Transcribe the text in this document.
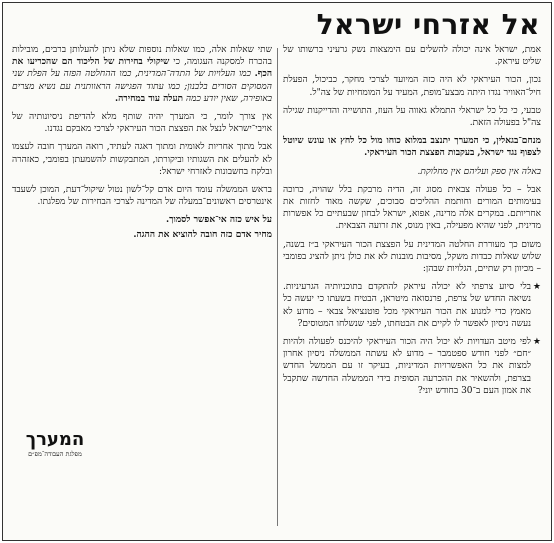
אל אזרחי ישראל

אמת, ישראל אינה יכולה להשלים עם הימצאות נשק גרעיני ברשותו של שליט עיראק.

נכון, הכור העיראקי לא היה כזה המיועד לצרכי מחקר, כביכול, הפעלת חיל־האוויר נגדו היתה מבצע־מופת, המעיד על המומחיות של צה"ל.

טבעי, כי כל כל ישראלי התמלא גאווה על העוז, התושייה והדייקנות שגילה צה"ל בפעולה הזאת.

מנחם־בגאלין, כי המערך יתנצב במלוא כוחו מול כל לחץ או עונש שיוטל לצפוף נגד ישראל, בעקבות הפצצת הכור העיראקי.

באלה אין ספק ועליהם אין מחלוקת.

אבל – כל פעולה צבאית מסוג זה, הדיה מרבקת בלל שהויה, כרוכה בעימותים המורים וחותמת ההליכים סבוכים, שקשה מאוד לחזות את אחריותם. במקרים אלה מדינה, אפוא, ישראל לבחון שבעתיים כל אפשרות מדינית, לפני שהיא מפעילה, באין מנוס, את זרועה הצבאית.

משום כך מעוררת החלטה המדינית על הפצצת הכור העיראקי ב״ז בשנה, שלוש שאלות כבדות משקל, מסיבות מובנות לא את כולן ניתן להציג בפומבי – מכיוון רק שתיים, הגלויות שבהן:

★
בלי סיוע צרפתי לא יכולה עיראק להתקדם בתוכניותיה הגרעיניות. נשיאה החדש של צרפת, פרנסואה מיטראן, הבטיח בשעתו כי יעשה כל מאמץ כדי למנוע את הכור העיראקי מכל פוטנציאל צבאי – מדוע לא נעשה ניסיון לאפשר לו לקיים את הבטחתו, לפני שנשלחו המטוסים?

★
לפי מיטב העדויות לא יכול היה הכור העיראקי להיכנס לפעולה ולהיות ״חם״ לפני חודש ספטמבר – מדוע לא עשתה הממשלה ניסיון אחרון למצות את כל האפשרויות המדיניות, בעיקר זו עם הממשל החדש בצרפת, ולהשאיר את ההכרעה הסופית בידי הממשלה החדשה שתקבל את אמון העם ב־30 בחודש יוני?

שתי שאלות אלה, כמו שאלות נוספות שלא ניתן להעלותן ברבים, מובילות בהכרח למסקנה העגומה, כי שיקולי בחירות של הליכוד הם שהכריעו את הכף. כמו העלויות של התדה־המדינית, כמו ההחלטה הפזה על הפלת שני המסוקים הסורים בלבנון; כמו עתוד הפגישה הראוותנית עם נשיא מצרים באופירה, שאין יודע כמה תעלה עוד במחירה.

אין צורך לומר, כי המערך יהיה שותף מלא להדיפת ניסיונותיה של אויבי־ישראל לנצל את הפצצת הכור העיראקי לצרכי מאבקם נגדנו.

אבל מתוך אחריות לאומית ומתוך דאגה לעתיד, רואה המערך חובה לעצמו לא להעלים את השגותיו וביקורתו, המתבקשות להשמעתן בפומבי, כאזהרה ובלקח בחשבונות לאזרחי ישראל:

בראש הממשלה עומד היום אדם קל־לשון נטול שיקול־דעת, המוכן לשעבד אינטרסים ראשונים־במעלה של המדינה לצרכי הבחירות של מפלגתו.

על איש כזה אי־אפשר לסמוך.

מחיר אדם כזה חובה להוציא את ההגה.

המערך
מפלגת העבודה־מפ״ם
